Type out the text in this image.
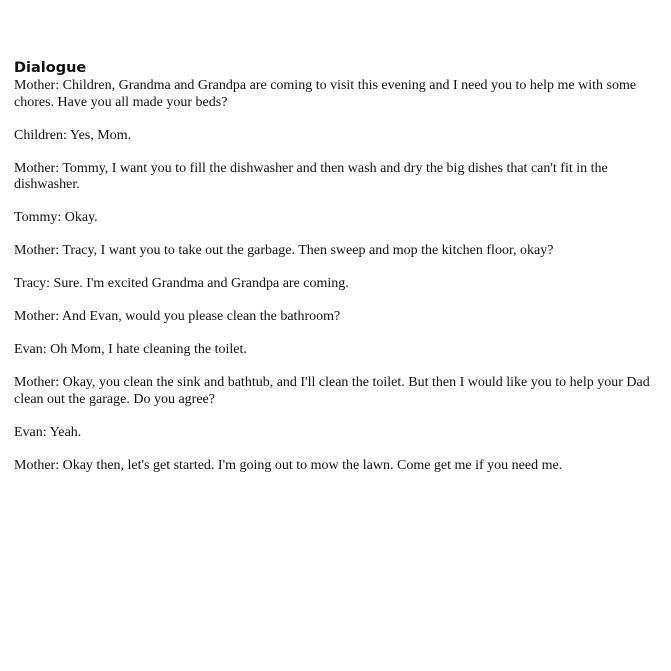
Dialogue
Mother: Children, Grandma and Grandpa are coming to visit this evening and I need you to help me with some chores. Have you all made your beds?
Children: Yes, Mom.
Mother: Tommy, I want you to fill the dishwasher and then wash and dry the big dishes that can't fit in the dishwasher.
Tommy: Okay.
Mother: Tracy, I want you to take out the garbage. Then sweep and mop the kitchen floor, okay?
Tracy: Sure. I'm excited Grandma and Grandpa are coming.
Mother: And Evan, would you please clean the bathroom?
Evan: Oh Mom, I hate cleaning the toilet.
Mother: Okay, you clean the sink and bathtub, and I'll clean the toilet. But then I would like you to help your Dad clean out the garage. Do you agree?
Evan: Yeah.
Mother: Okay then, let's get started. I'm going out to mow the lawn. Come get me if you need me.
